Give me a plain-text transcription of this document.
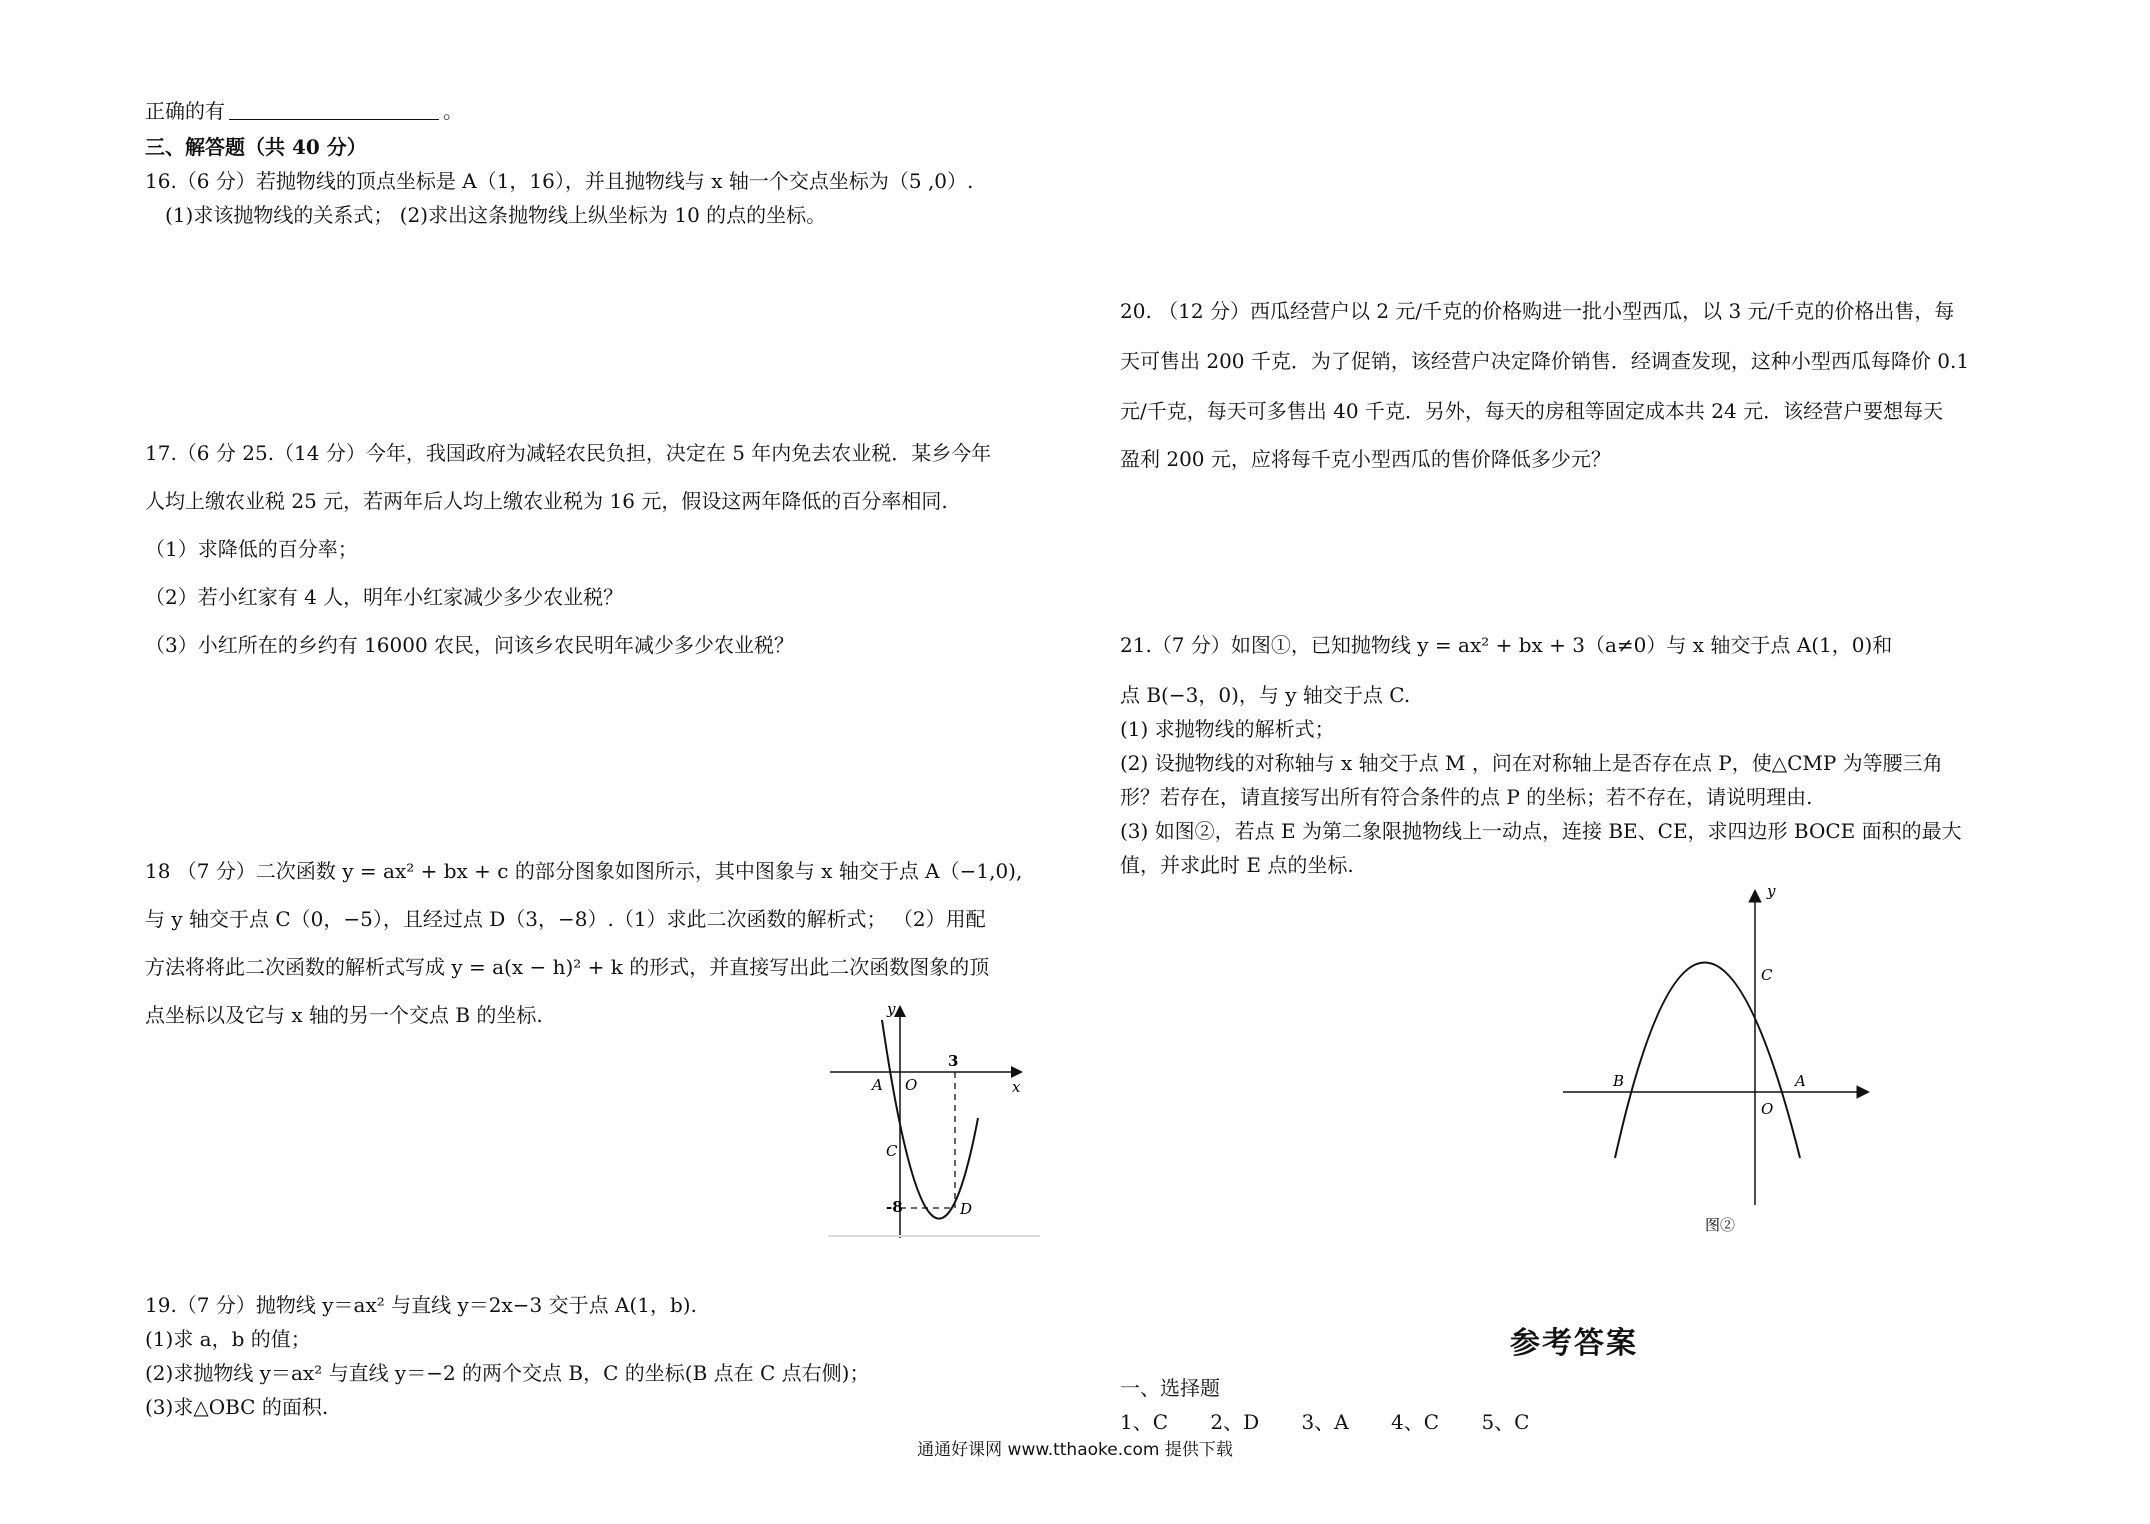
正确的有	。
三、解答题（共 40 分）
16.（6 分）若抛物线的顶点坐标是 A（1，16），并且抛物线与 x 轴一个交点坐标为（5 ,0）.
(1)求该抛物线的关系式； (2)求出这条抛物线上纵坐标为 10 的点的坐标。
17.（6 分 25.（14 分）今年，我国政府为减轻农民负担，决定在 5 年内免去农业税．某乡今年
人均上缴农业税 25 元，若两年后人均上缴农业税为 16 元，假设这两年降低的百分率相同.
（1）求降低的百分率；
（2）若小红家有 4 人，明年小红家减少多少农业税？
（3）小红所在的乡约有 16000 农民，问该乡农民明年减少多少农业税？
18 （7 分）二次函数 y = ax² + bx + c 的部分图象如图所示，其中图象与 x 轴交于点 A（−1,0),
与 y 轴交于点 C（0，−5），且经过点 D（3，−8）.（1）求此二次函数的解析式； （2）用配
方法将将此二次函数的解析式写成 y = a(x − h)² + k 的形式，并直接写出此二次函数图象的顶
点坐标以及它与 x 轴的另一个交点 B 的坐标.	y
x
O
A
3
C
-8	D
19.（7 分）抛物线 y＝ax² 与直线 y＝2x−3 交于点 A(1，b).
(1)求 a，b 的值；
(2)求抛物线 y＝ax² 与直线 y＝−2 的两个交点 B，C 的坐标(B 点在 C 点右侧)；
(3)求△OBC 的面积.
20. （12 分）西瓜经营户以 2 元/千克的价格购进一批小型西瓜，以 3 元/千克的价格出售，每
天可售出 200 千克．为了促销，该经营户决定降价销售．经调查发现，这种小型西瓜每降价 0.1
元/千克，每天可多售出 40 千克．另外，每天的房租等固定成本共 24 元．该经营户要想每天
盈利 200 元，应将每千克小型西瓜的售价降低多少元？
21.（7 分）如图①，已知抛物线 y = ax² + bx + 3（a≠0）与 x 轴交于点 A(1，0)和
点 B(−3，0)，与 y 轴交于点 C.
(1) 求抛物线的解析式；
(2) 设抛物线的对称轴与 x 轴交于点 M ，问在对称轴上是否存在点 P，使△CMP 为等腰三角
形？若存在，请直接写出所有符合条件的点 P 的坐标；若不存在，请说明理由.
(3) 如图②，若点 E 为第二象限抛物线上一动点，连接 BE、CE，求四边形 BOCE 面积的最大
值，并求此时 E 点的坐标.
y
C
B	A
O
图②
参考答案
一、选择题
1、C 2、D 3、A 4、C 5、C
通通好课网 www.tthaoke.com 提供下载
